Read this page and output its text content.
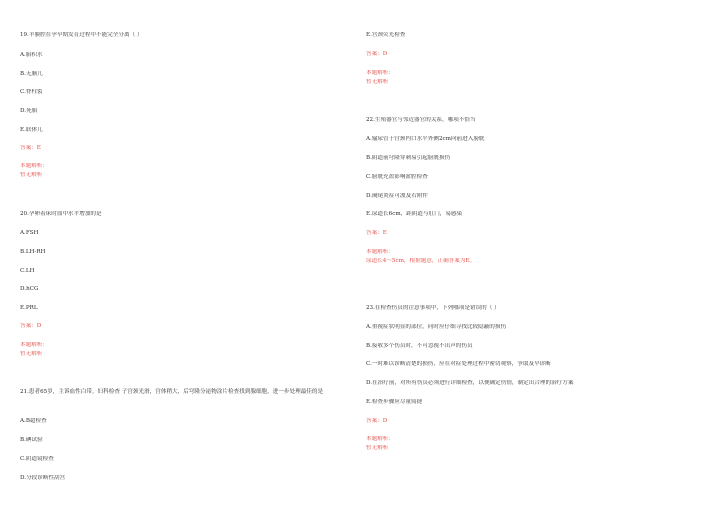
19.羊膜腔在孕早期发育过程中不能完全分离（ ）
A.胎积水
B.无脑儿
C.脊柱裂
D.死胎
E.联体儿
答案：E
本题解析：
暂无解析
20.孕卵着床时血中水平增加的是
A.FSH
B.LH-RH
C.LH
D.hCG
E.PRL
答案：D
本题解析：
暂无解析
21.患者65岁，主诉血性白带。妇科检查 子宫颈光滑，宫体稍大，后穹隆分泌物涂片检查找到腺细胞，进一步处理最佳的是
A.B超检查
B.碘试验
C.阴道镜检查
D.分段诊断性刮宫
E.宫颈荧光检查
答案：D
本题解析：
暂无解析
22.生殖器官与邻近器官的关系，哪项不恰当
A.输尿管于宫颈内口水平外侧2cm向前进入膀胱
B.阴道前穹隆穿刺易引起膀胱损伤
C.膀胱充盈影响盆腔检查
D.阑尾炎症可波及右附件
E.尿道长6cm，距阴道与肛门，易感染
答案：E
本题解析：
尿道长4～5cm，根据题意，正确答案为E。
23.在检查伤员的注意事项中，下列哪项是错误的（ ）
A.重视症状明显的部位，同时应仔细寻找比较隐蔽的损伤
B.接收多个伤员时，不可忽视不出声的伤员
C.一时难以诊断清楚的损伤，应在对症处理过程中密切观察，争取及早诊断
D.在治疗前，对所有伤员必须进行详细检查，以便确定伤情，制定出合理的治疗方案
E.检查步骤应尽量简捷
答案：D
本题解析：
暂无解析
